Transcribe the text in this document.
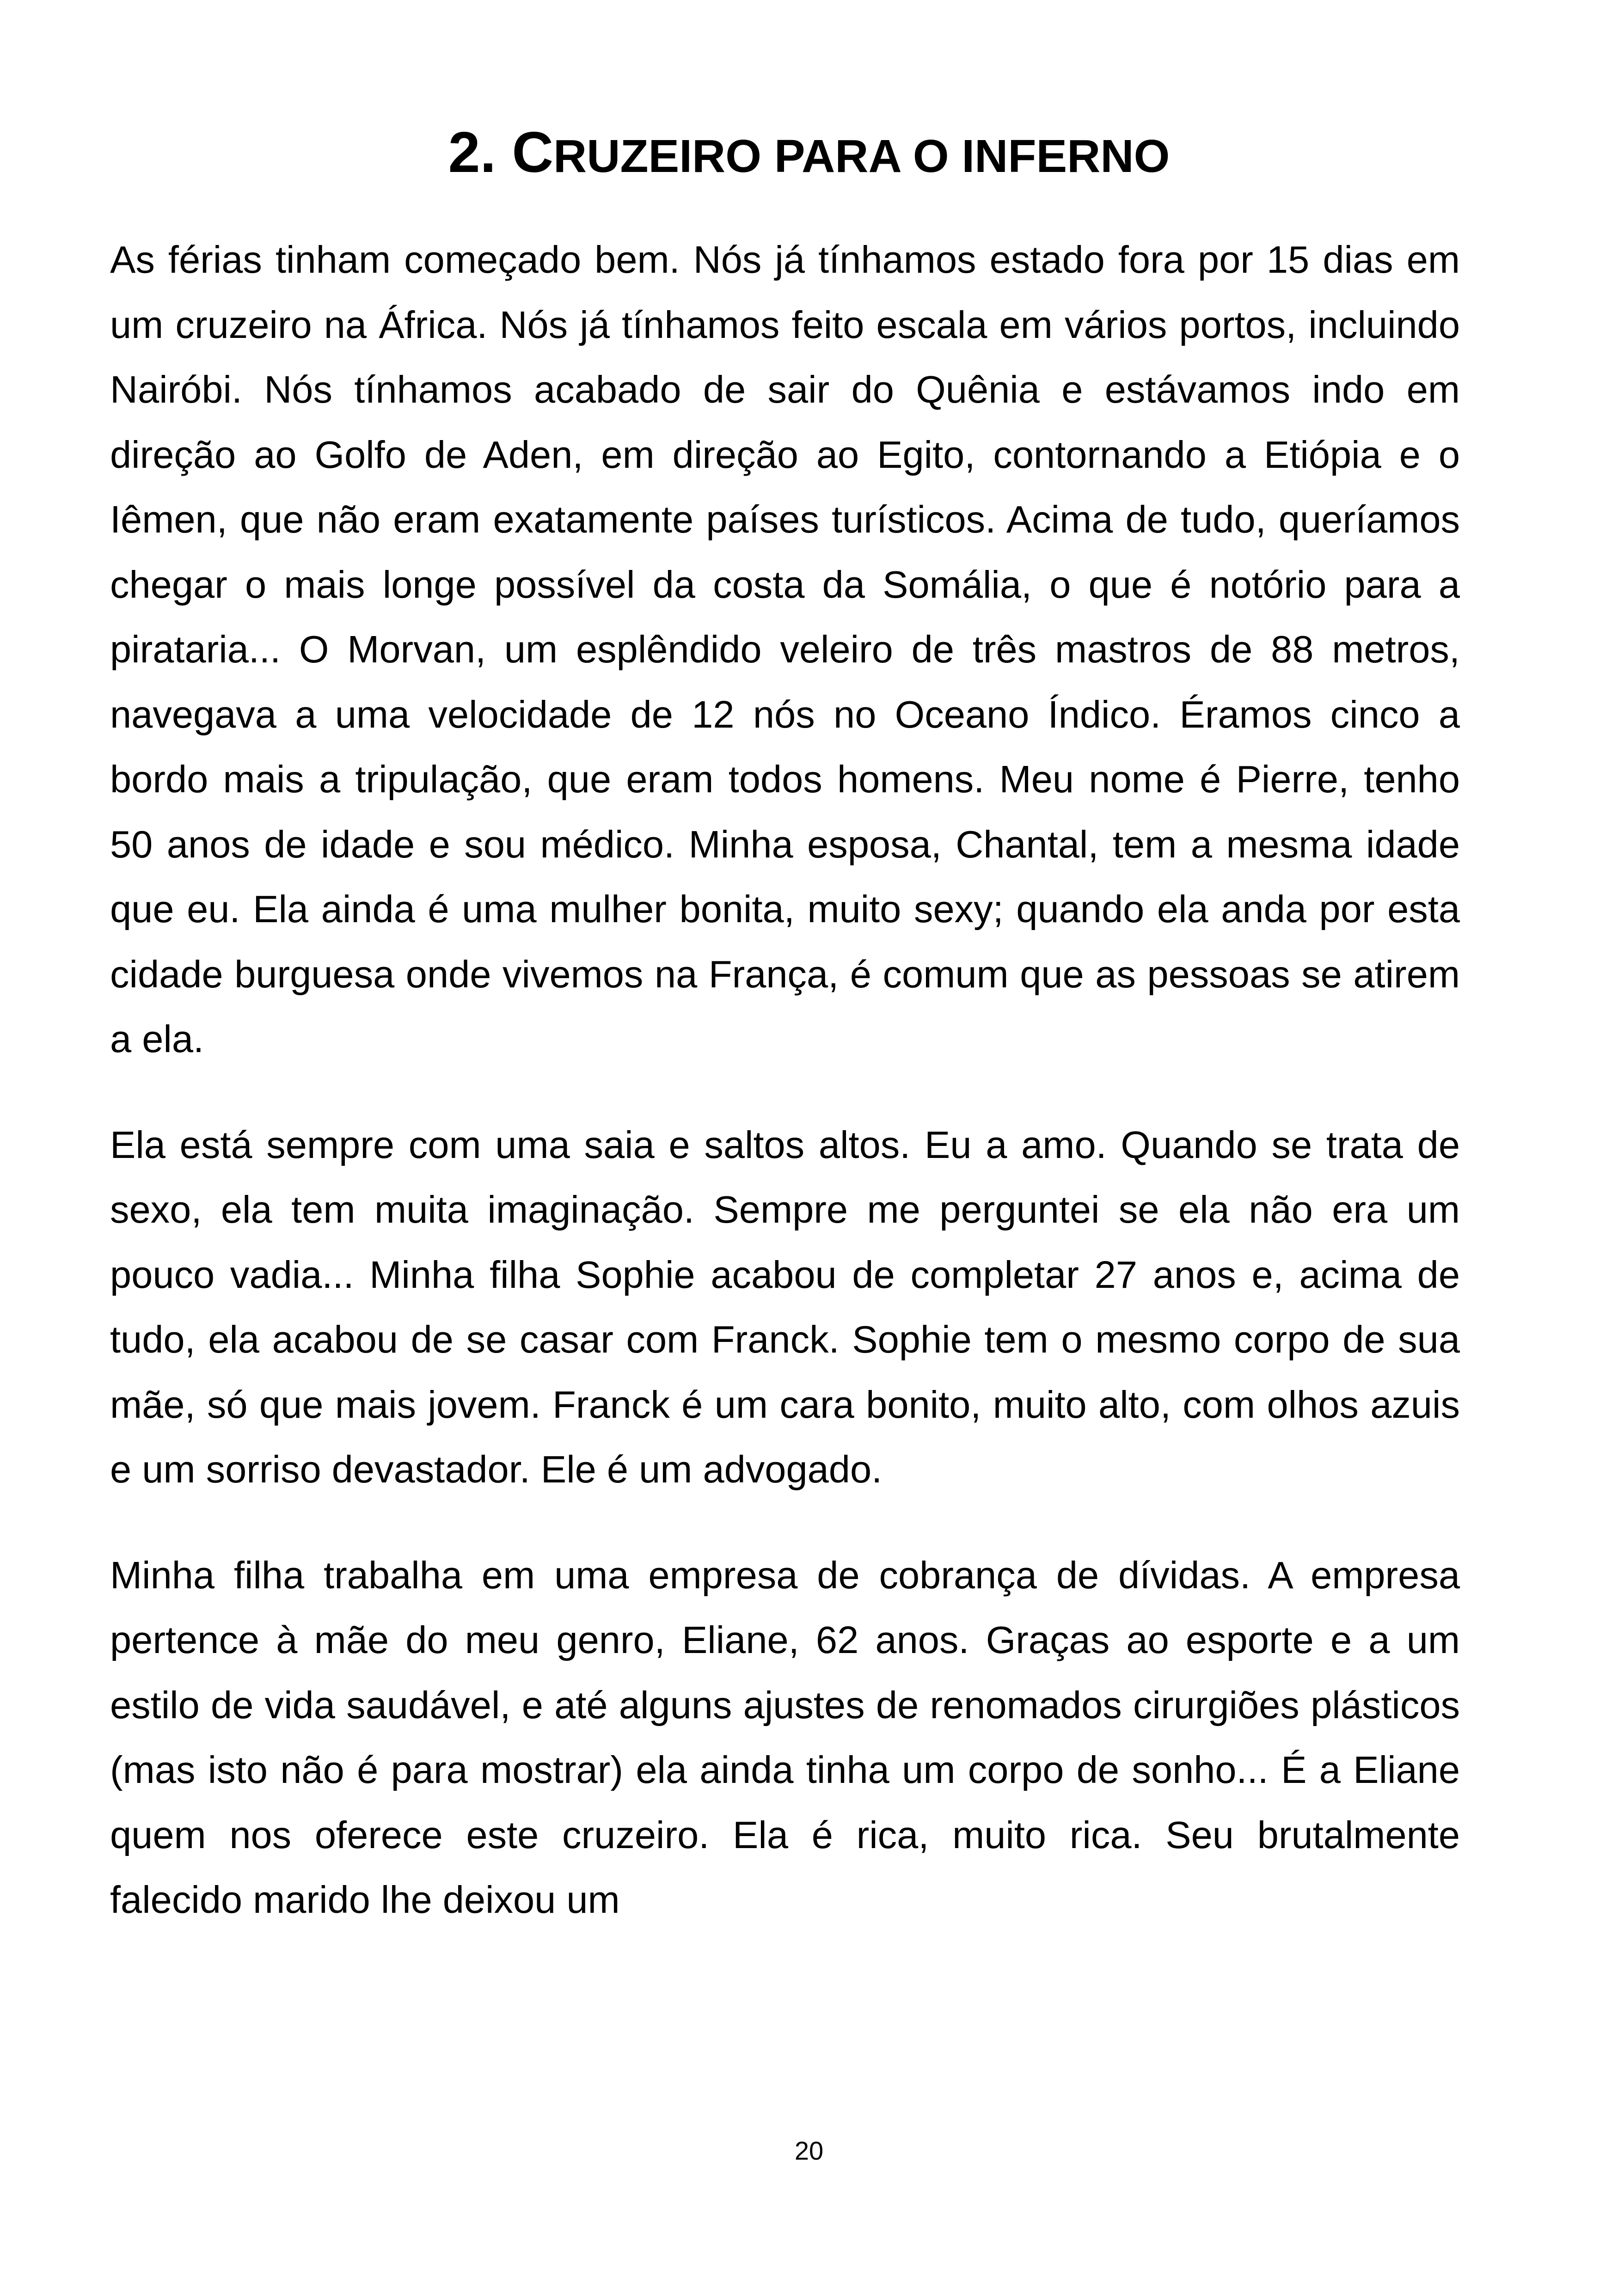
2. CRUZEIRO PARA O INFERNO

As férias tinham começado bem. Nós já tínhamos estado fora por 15 dias em um cruzeiro na África. Nós já tínhamos feito escala em vários portos, incluindo Nairóbi. Nós tínhamos acabado de sair do Quênia e estávamos indo em direção ao Golfo de Aden, em direção ao Egito, contornando a Etiópia e o Iêmen, que não eram exatamente países turísticos. Acima de tudo, queríamos chegar o mais longe possível da costa da Somália, o que é notório para a pirataria... O Morvan, um esplêndido veleiro de três mastros de 88 metros, navegava a uma velocidade de 12 nós no Oceano Índico. Éramos cinco a bordo mais a tripulação, que eram todos homens. Meu nome é Pierre, tenho 50 anos de idade e sou médico. Minha esposa, Chantal, tem a mesma idade que eu. Ela ainda é uma mulher bonita, muito sexy; quando ela anda por esta cidade burguesa onde vivemos na França, é comum que as pessoas se atirem a ela.

Ela está sempre com uma saia e saltos altos. Eu a amo. Quando se trata de sexo, ela tem muita imaginação. Sempre me perguntei se ela não era um pouco vadia... Minha filha Sophie acabou de completar 27 anos e, acima de tudo, ela acabou de se casar com Franck. Sophie tem o mesmo corpo de sua mãe, só que mais jovem. Franck é um cara bonito, muito alto, com olhos azuis e um sorriso devastador. Ele é um advogado.

Minha filha trabalha em uma empresa de cobrança de dívidas. A empresa pertence à mãe do meu genro, Eliane, 62 anos. Graças ao esporte e a um estilo de vida saudável, e até alguns ajustes de renomados cirurgiões plásticos (mas isto não é para mostrar) ela ainda tinha um corpo de sonho... É a Eliane quem nos oferece este cruzeiro. Ela é rica, muito rica. Seu brutalmente falecido marido lhe deixou um

20
